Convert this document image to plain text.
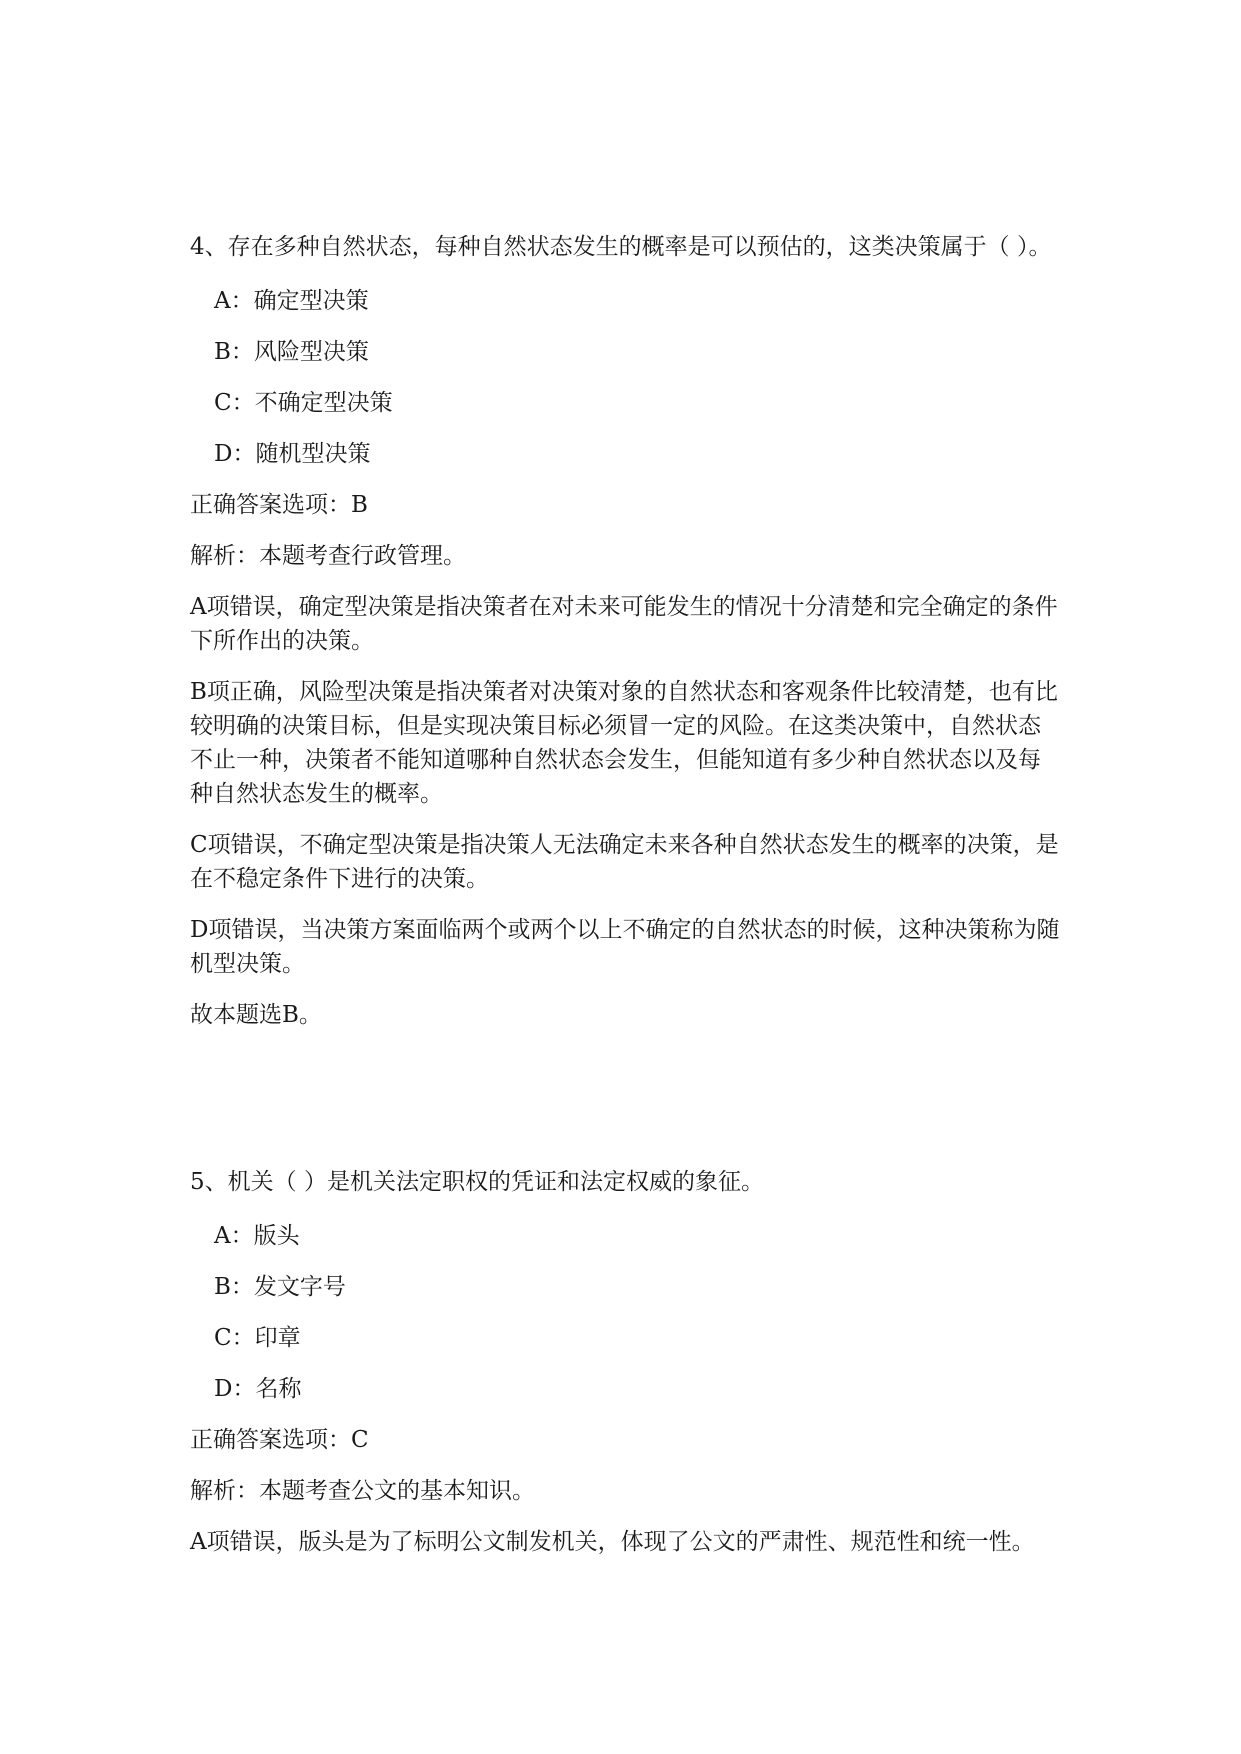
4、存在多种自然状态，每种自然状态发生的概率是可以预估的，这类决策属于（ ）。
A：确定型决策
B：风险型决策
C：不确定型决策
D：随机型决策
正确答案选项：B
解析：本题考查行政管理。
A项错误，确定型决策是指决策者在对未来可能发生的情况十分清楚和完全确定的条件下所作出的决策。
B项正确，风险型决策是指决策者对决策对象的自然状态和客观条件比较清楚，也有比较明确的决策目标，但是实现决策目标必须冒一定的风险。在这类决策中，自然状态不止一种，决策者不能知道哪种自然状态会发生，但能知道有多少种自然状态以及每种自然状态发生的概率。
C项错误，不确定型决策是指决策人无法确定未来各种自然状态发生的概率的决策，是在不稳定条件下进行的决策。
D项错误，当决策方案面临两个或两个以上不确定的自然状态的时候，这种决策称为随机型决策。
故本题选B。
5、机关（ ）是机关法定职权的凭证和法定权威的象征。
A：版头
B：发文字号
C：印章
D：名称
正确答案选项：C
解析：本题考查公文的基本知识。
A项错误，版头是为了标明公文制发机关，体现了公文的严肃性、规范性和统一性。
